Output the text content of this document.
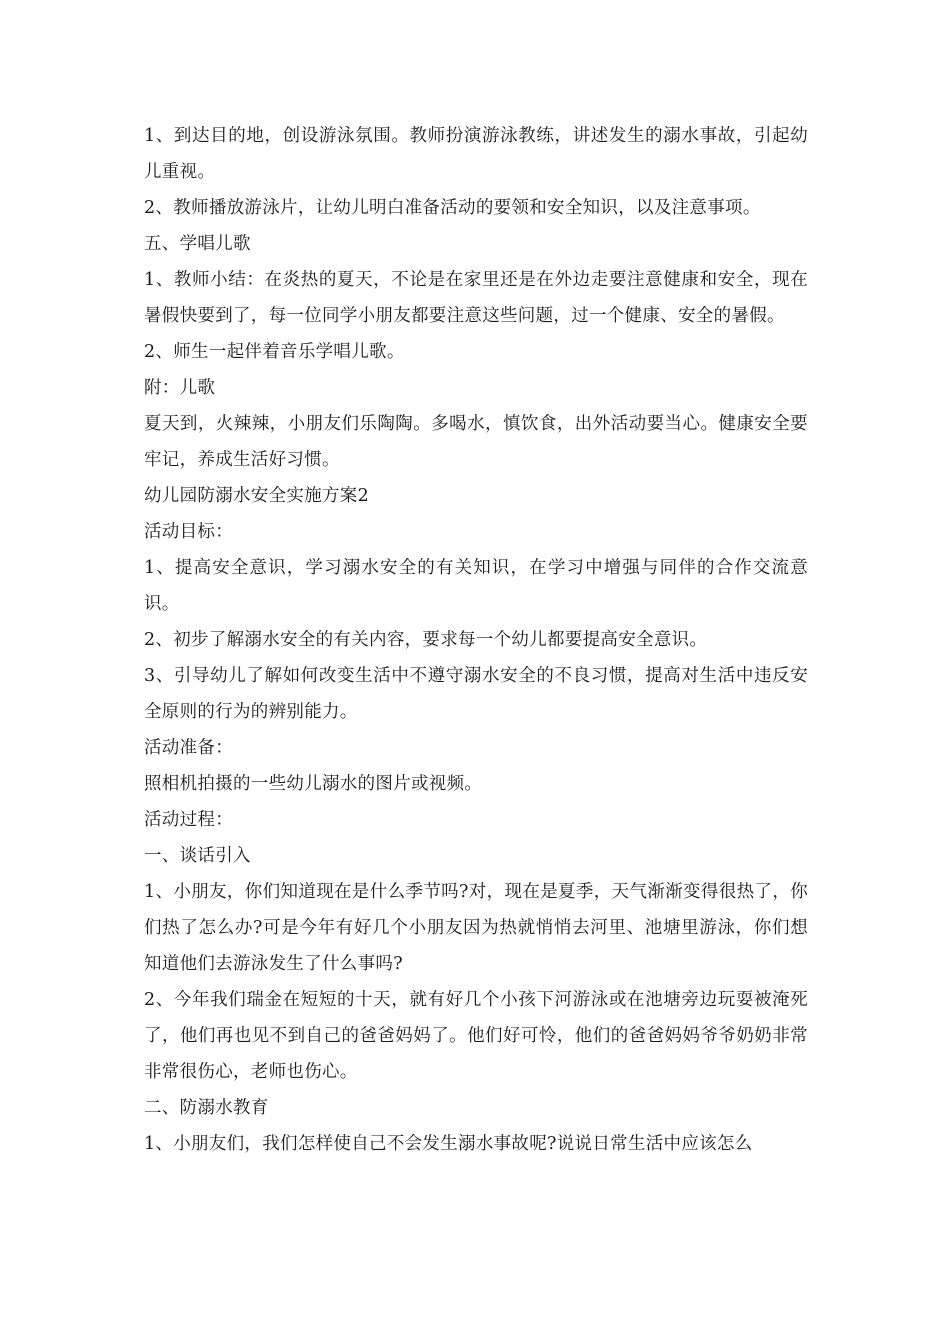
1、到达目的地，创设游泳氛围。教师扮演游泳教练，讲述发生的溺水事故，引起幼儿重视。

2、教师播放游泳片，让幼儿明白准备活动的要领和安全知识，以及注意事项。

五、学唱儿歌

1、教师小结：在炎热的夏天，不论是在家里还是在外边走要注意健康和安全，现在暑假快要到了，每一位同学小朋友都要注意这些问题，过一个健康、安全的暑假。

2、师生一起伴着音乐学唱儿歌。

附：儿歌

夏天到，火辣辣，小朋友们乐陶陶。多喝水，慎饮食，出外活动要当心。健康安全要牢记，养成生活好习惯。

幼儿园防溺水安全实施方案2

活动目标：

1、提高安全意识，学习溺水安全的有关知识，在学习中增强与同伴的合作交流意识。

2、初步了解溺水安全的有关内容，要求每一个幼儿都要提高安全意识。

3、引导幼儿了解如何改变生活中不遵守溺水安全的不良习惯，提高对生活中违反安全原则的行为的辨别能力。

活动准备：

照相机拍摄的一些幼儿溺水的图片或视频。

活动过程：

一、谈话引入

1、小朋友，你们知道现在是什么季节吗?对，现在是夏季，天气渐渐变得很热了，你们热了怎么办?可是今年有好几个小朋友因为热就悄悄去河里、池塘里游泳，你们想知道他们去游泳发生了什么事吗?

2、今年我们瑞金在短短的十天，就有好几个小孩下河游泳或在池塘旁边玩耍被淹死了，他们再也见不到自己的爸爸妈妈了。他们好可怜，他们的爸爸妈妈爷爷奶奶非常非常很伤心，老师也伤心。

二、防溺水教育

1、小朋友们，我们怎样使自己不会发生溺水事故呢?说说日常生活中应该怎么
